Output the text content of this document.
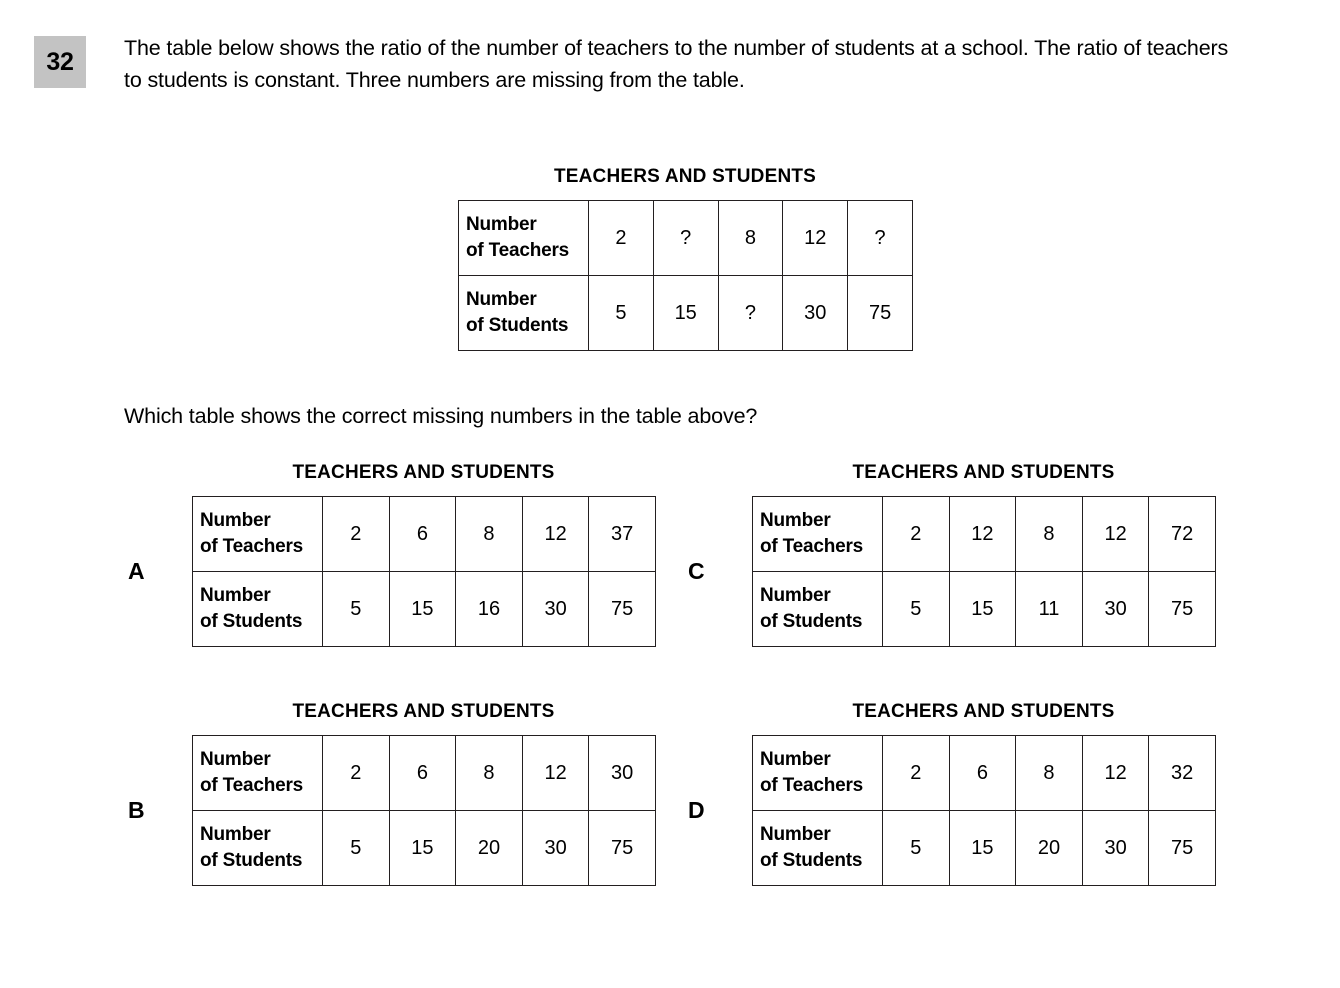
32	The table below shows the ratio of the number of teachers to the number of students at a school. The ratio of teachers to students is constant. Three numbers are missing from the table.
TEACHERS AND STUDENTS
Number
of Teachers	2	?	8	12	?

Number
of Students	5	15	?	30	75
Which table shows the correct missing numbers in the table above?
A
TEACHERS AND STUDENTS
Number
of Teachers	2	6	8	12	37

Number
of Students	5	15	16	30	75
C
TEACHERS AND STUDENTS
Number
of Teachers	2	12	8	12	72

Number
of Students	5	15	11	30	75
B
TEACHERS AND STUDENTS
Number
of Teachers	2	6	8	12	30

Number
of Students	5	15	20	30	75
D
TEACHERS AND STUDENTS
Number
of Teachers	2	6	8	12	32

Number
of Students	5	15	20	30	75
